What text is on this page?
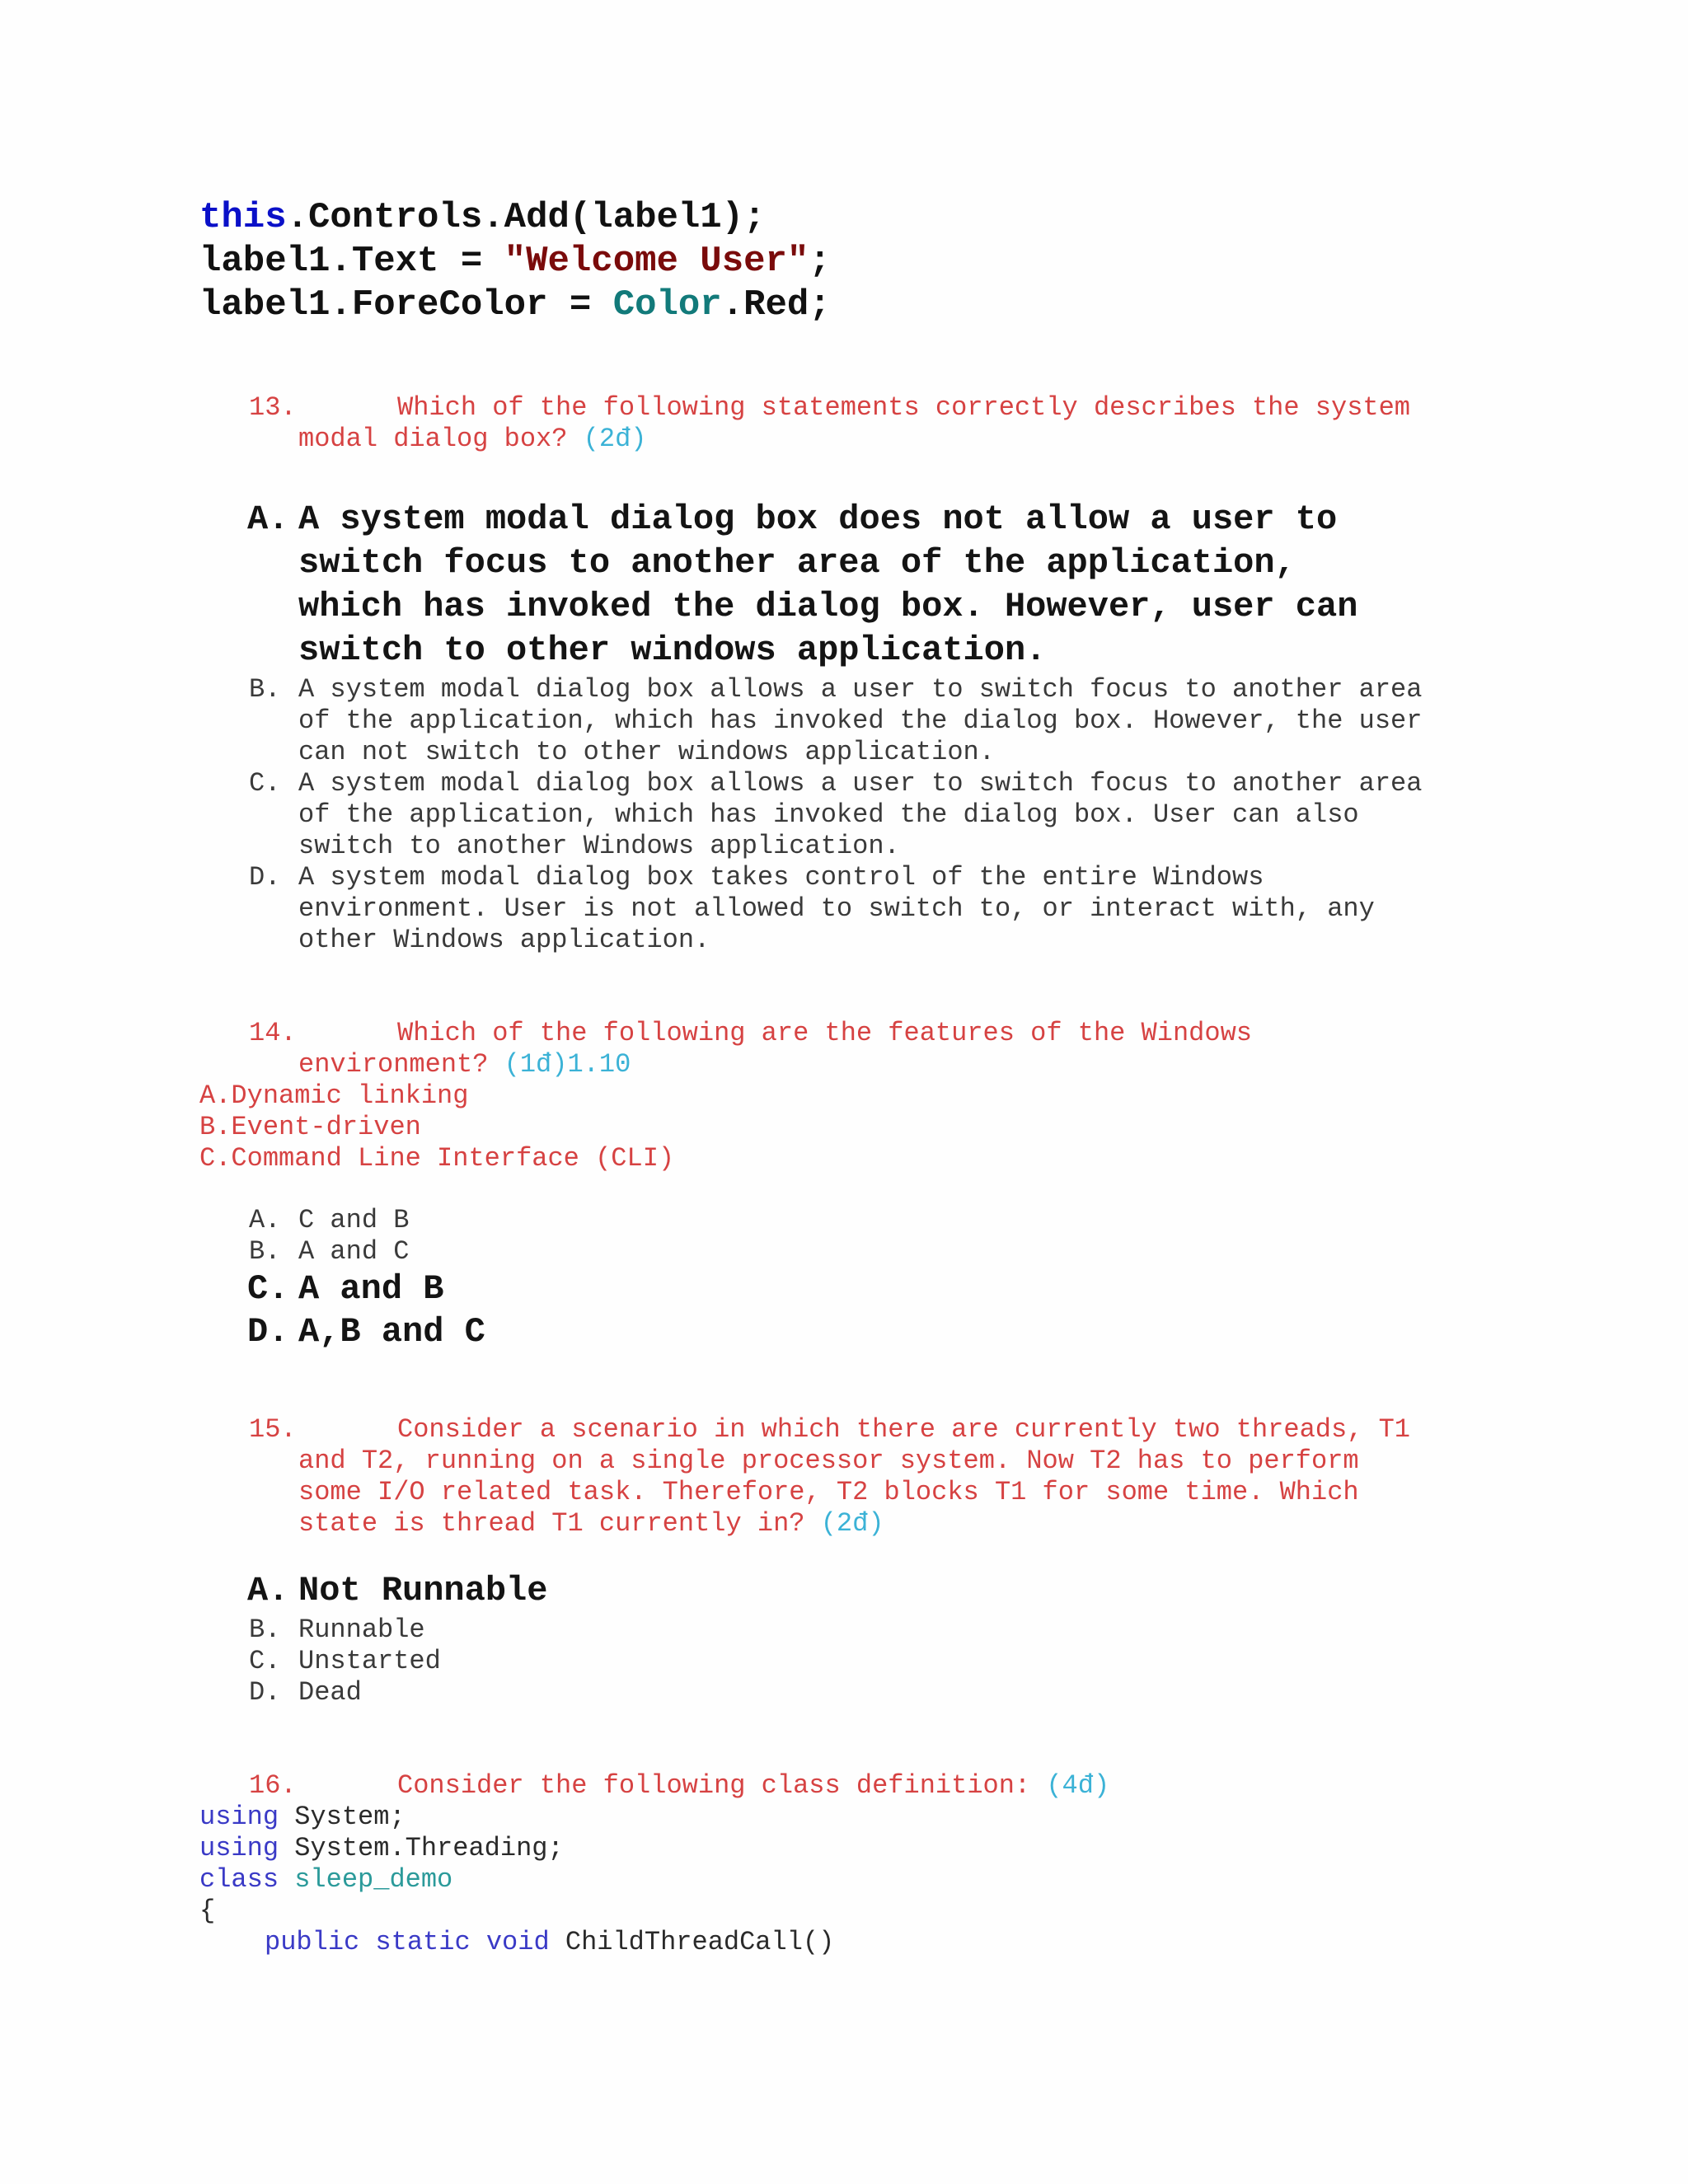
this.Controls.Add(label1);
label1.Text = "Welcome User";
label1.ForeColor = Color.Red;
13.	Which of the following statements correctly describes the system
modal dialog box? (2đ)
A. A system modal dialog box does not allow a user to
switch focus to another area of the application,
which has invoked the dialog box. However, user can
switch to other windows application.
B. A system modal dialog box allows a user to switch focus to another area
of the application, which has invoked the dialog box. However, the user
can not switch to other windows application.
C. A system modal dialog box allows a user to switch focus to another area
of the application, which has invoked the dialog box. User can also
switch to another Windows application.
D. A system modal dialog box takes control of the entire Windows
environment. User is not allowed to switch to, or interact with, any
other Windows application.
14.	Which of the following are the features of the Windows
environment? (1đ)1.10
A.Dynamic linking
B.Event-driven
C.Command Line Interface (CLI)
A. C and B
B. A and C
C. A and B
D. A,B and C
15.	Consider a scenario in which there are currently two threads, T1
and T2, running on a single processor system. Now T2 has to perform
some I/O related task. Therefore, T2 blocks T1 for some time. Which
state is thread T1 currently in? (2đ)
A. Not Runnable
B. Runnable
C. Unstarted
D. Dead
16.	Consider the following class definition: (4đ)
using System;
using System.Threading;
class sleep_demo
{
public static void ChildThreadCall()
